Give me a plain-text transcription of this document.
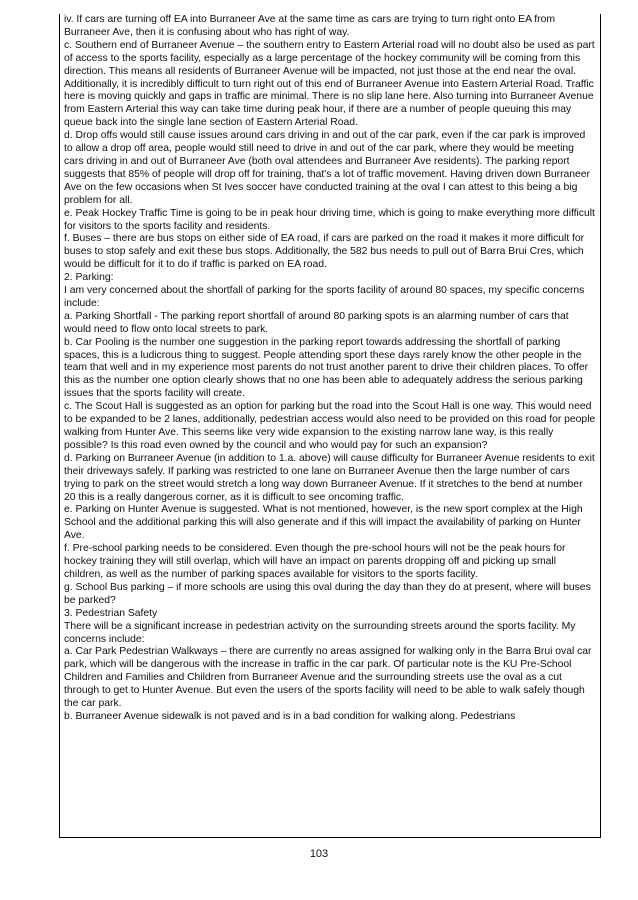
iv. If cars are turning off EA into Burraneer Ave at the same time as cars are trying to turn right onto EA from Burraneer Ave, then it is confusing about who has right of way.

c. Southern end of Burraneer Avenue – the southern entry to Eastern Arterial road will no doubt also be used as part of access to the sports facility, especially as a large percentage of the hockey community will be coming from this direction. This means all residents of Burraneer Avenue will be impacted, not just those at the end near the oval. Additionally, it is incredibly difficult to turn right out of this end of Burraneer Avenue into Eastern Arterial Road. Traffic here is moving quickly and gaps in traffic are minimal. There is no slip lane here. Also turning into Burraneer Avenue from Eastern Arterial this way can take time during peak hour, if there are a number of people queuing this may queue back into the single lane section of Eastern Arterial Road.

d. Drop offs would still cause issues around cars driving in and out of the car park, even if the car park is improved to allow a drop off area, people would still need to drive in and out of the car park, where they would be meeting cars driving in and out of Burraneer Ave (both oval attendees and Burraneer Ave residents). The parking report suggests that 85% of people will drop off for training, that's a lot of traffic movement. Having driven down Burraneer Ave on the few occasions when St Ives soccer have conducted training at the oval I can attest to this being a big problem for all.

e. Peak Hockey Traffic Time is going to be in peak hour driving time, which is going to make everything more difficult for visitors to the sports facility and residents.

f. Buses – there are bus stops on either side of EA road, if cars are parked on the road it makes it more difficult for buses to stop safely and exit these bus stops. Additionally, the 582 bus needs to pull out of Barra Brui Cres, which would be difficult for it to do if traffic is parked on EA road.

2. Parking:

I am very concerned about the shortfall of parking for the sports facility of around 80 spaces, my specific concerns include:

a. Parking Shortfall - The parking report shortfall of around 80 parking spots is an alarming number of cars that would need to flow onto local streets to park.

b. Car Pooling is the number one suggestion in the parking report towards addressing the shortfall of parking spaces, this is a ludicrous thing to suggest. People attending sport these days rarely know the other people in the team that well and in my experience most parents do not trust another parent to drive their children places. To offer this as the number one option clearly shows that no one has been able to adequately address the serious parking issues that the sports facility will create.

c. The Scout Hall is suggested as an option for parking but the road into the Scout Hall is one way. This would need to be expanded to be 2 lanes, additionally, pedestrian access would also need to be provided on this road for people walking from Hunter Ave. This seems like very wide expansion to the existing narrow lane way, is this really possible? Is this road even owned by the council and who would pay for such an expansion?

d. Parking on Burraneer Avenue (in addition to 1.a. above) will cause difficulty for Burraneer Avenue residents to exit their driveways safely. If parking was restricted to one lane on Burraneer Avenue then the large number of cars trying to park on the street would stretch a long way down Burraneer Avenue. If it stretches to the bend at number 20 this is a really dangerous corner, as it is difficult to see oncoming traffic.

e. Parking on Hunter Avenue is suggested. What is not mentioned, however, is the new sport complex at the High School and the additional parking this will also generate and if this will impact the availability of parking on Hunter Ave.

f. Pre-school parking needs to be considered. Even though the pre-school hours will not be the peak hours for hockey training they will still overlap, which will have an impact on parents dropping off and picking up small children, as well as the number of parking spaces available for visitors to the sports facility.

g. School Bus parking – if more schools are using this oval during the day than they do at present, where will buses be parked?

3. Pedestrian Safety

There will be a significant increase in pedestrian activity on the surrounding streets around the sports facility. My concerns include:

a. Car Park Pedestrian Walkways – there are currently no areas assigned for walking only in the Barra Brui oval car park, which will be dangerous with the increase in traffic in the car park. Of particular note is the KU Pre-School Children and Families and Children from Burraneer Avenue and the surrounding streets use the oval as a cut through to get to Hunter Avenue. But even the users of the sports facility will need to be able to walk safely though the car park.

b. Burraneer Avenue sidewalk is not paved and is in a bad condition for walking along. Pedestrians

103
